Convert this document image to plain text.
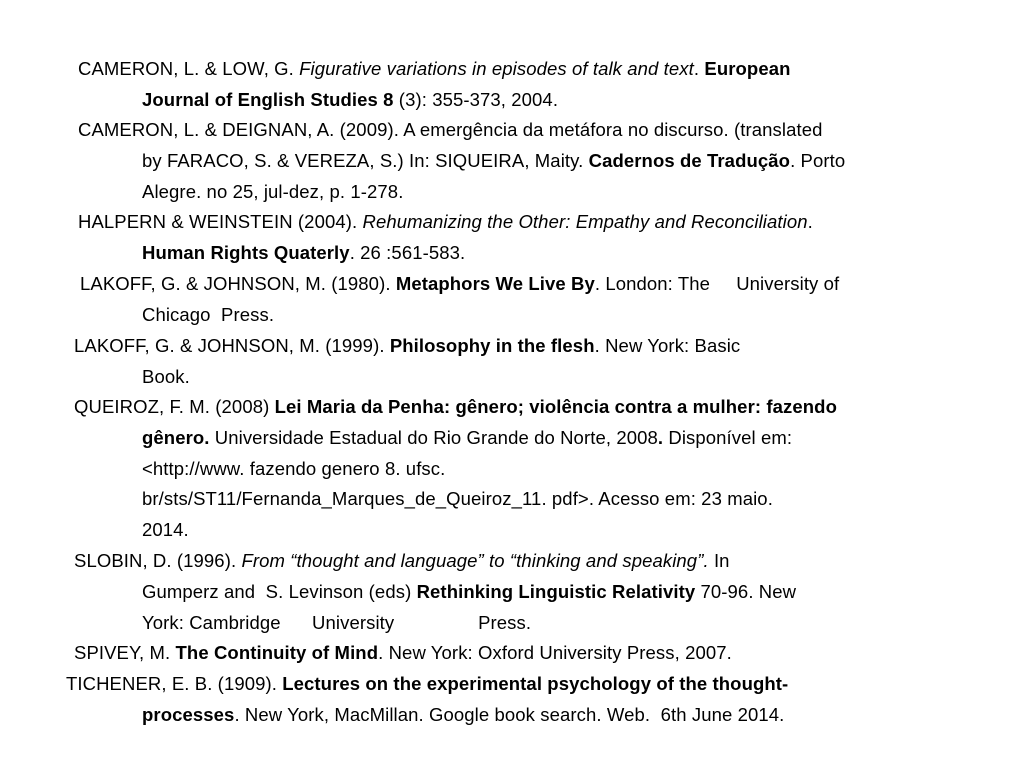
CAMERON, L. & LOW, G. Figurative variations in episodes of talk and text. European
Journal of English Studies 8 (3): 355-373, 2004.
CAMERON, L. & DEIGNAN, A. (2009). A emergência da metáfora no discurso. (translated
by FARACO, S. & VEREZA, S.) In: SIQUEIRA, Maity. Cadernos de Tradução. Porto
Alegre. no 25, jul-dez, p. 1-278.
HALPERN & WEINSTEIN (2004). Rehumanizing the Other: Empathy and Reconciliation.
Human Rights Quaterly. 26 :561-583.
LAKOFF, G. & JOHNSON, M. (1980). Metaphors We Live By. London: The     University of
Chicago  Press.
LAKOFF, G. & JOHNSON, M. (1999). Philosophy in the flesh. New York: Basic
Book.
QUEIROZ, F. M. (2008) Lei Maria da Penha: gênero; violência contra a mulher: fazendo
gênero. Universidade Estadual do Rio Grande do Norte, 2008. Disponível em:
<http://www. fazendo genero 8. ufsc.
br/sts/ST11/Fernanda_Marques_de_Queiroz_11. pdf>. Acesso em: 23 maio.
2014.
SLOBIN, D. (1996). From “thought and language” to “thinking and speaking”. In
Gumperz and  S. Levinson (eds) Rethinking Linguistic Relativity 70-96. New
York: Cambridge      University                Press.
SPIVEY, M. The Continuity of Mind. New York: Oxford University Press, 2007.
TICHENER, E. B. (1909). Lectures on the experimental psychology of the thought-
processes. New York, MacMillan. Google book search. Web.  6th June 2014.
